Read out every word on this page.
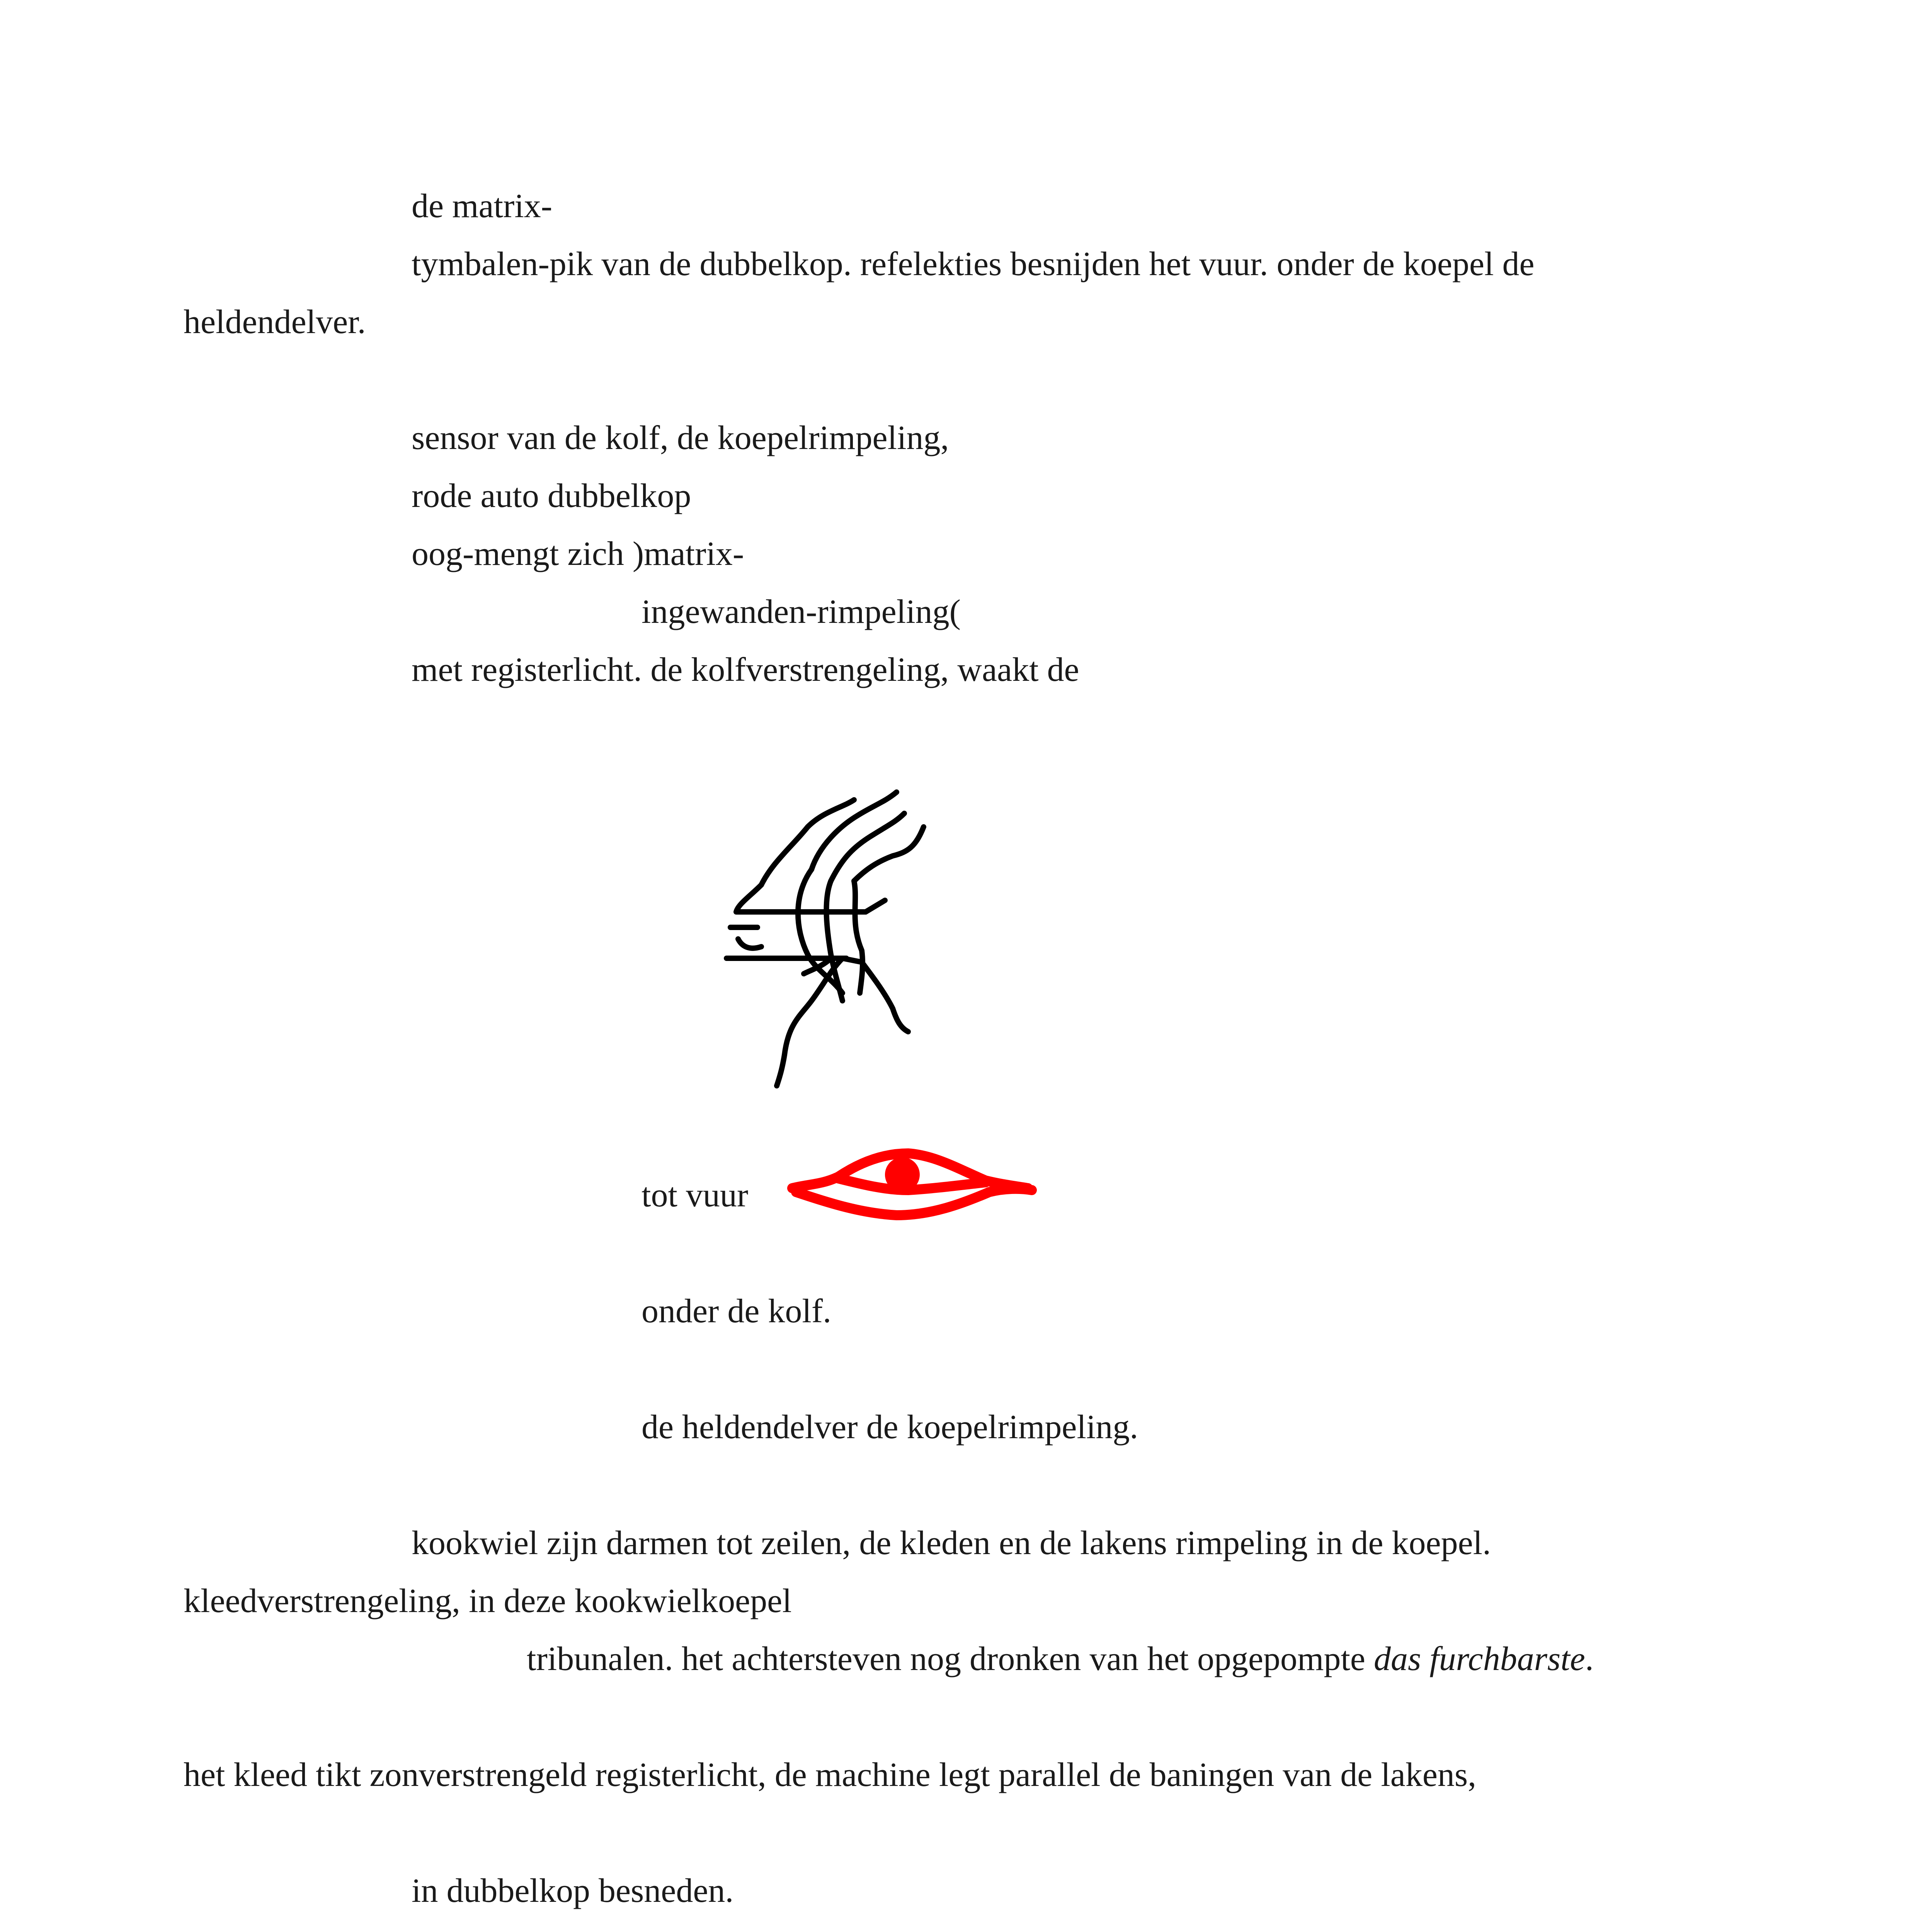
de matrix-
tymbalen-pik van de dubbelkop. refelekties besnijden het vuur. onder de koepel de
heldendelver.
sensor van de kolf, de koepelrimpeling,
rode auto dubbelkop
oog-mengt zich )matrix-
ingewanden-rimpeling(
met registerlicht. de kolfverstrengeling, waakt de
tot vuur
onder de kolf.
de heldendelver de koepelrimpeling.
kookwiel zijn darmen tot zeilen, de kleden en de lakens rimpeling in de koepel.
kleedverstrengeling, in deze kookwielkoepel
tribunalen. het achtersteven nog dronken van het opgepompte das furchbarste.
het kleed tikt zonverstrengeld registerlicht, de machine legt parallel de baningen van de lakens,
in dubbelkop besneden.
